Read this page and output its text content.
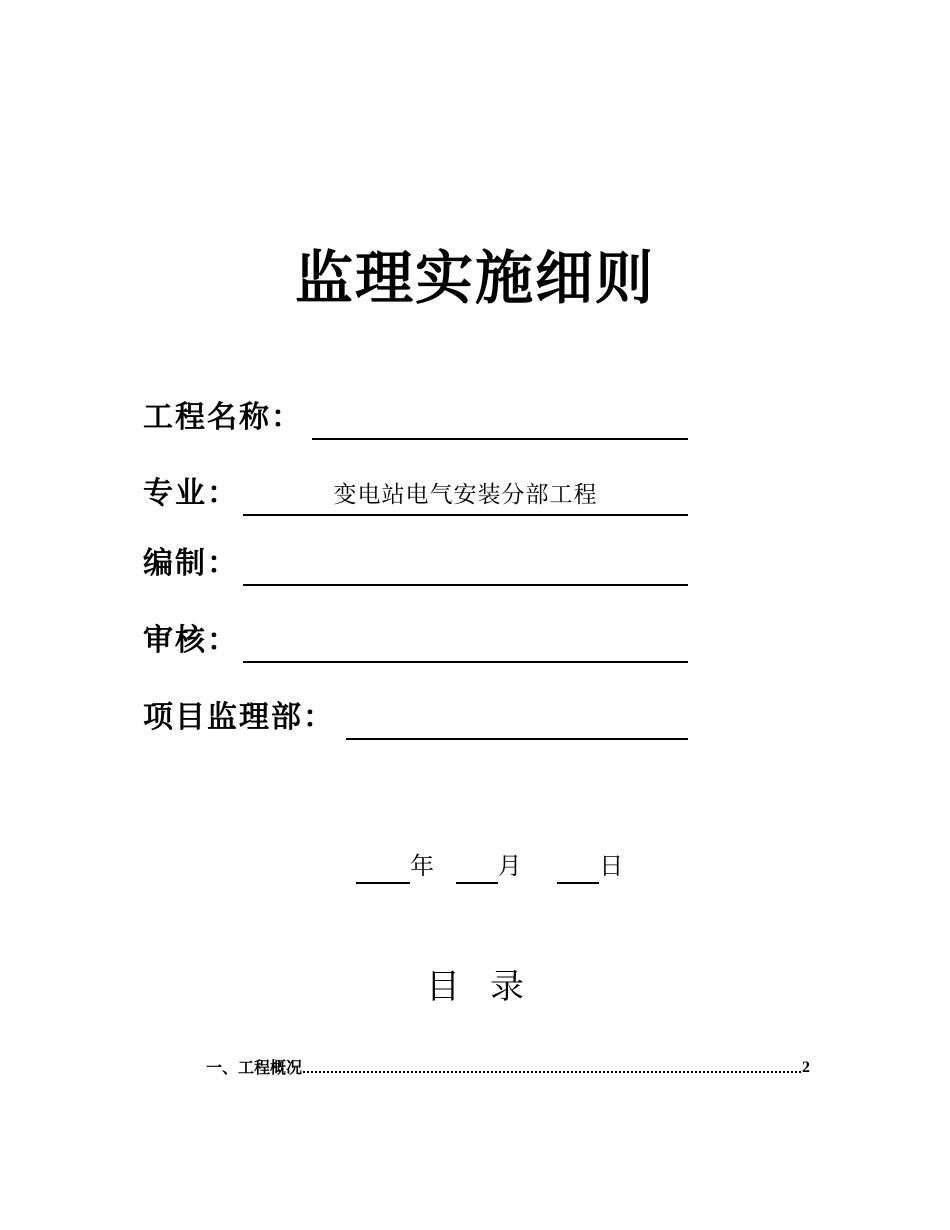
监理实施细则
工程名称：
专业：	变电站电气安装分部工程
编制：
审核：
项目监理部：
年	月	日
目录
一、工程概况	2
